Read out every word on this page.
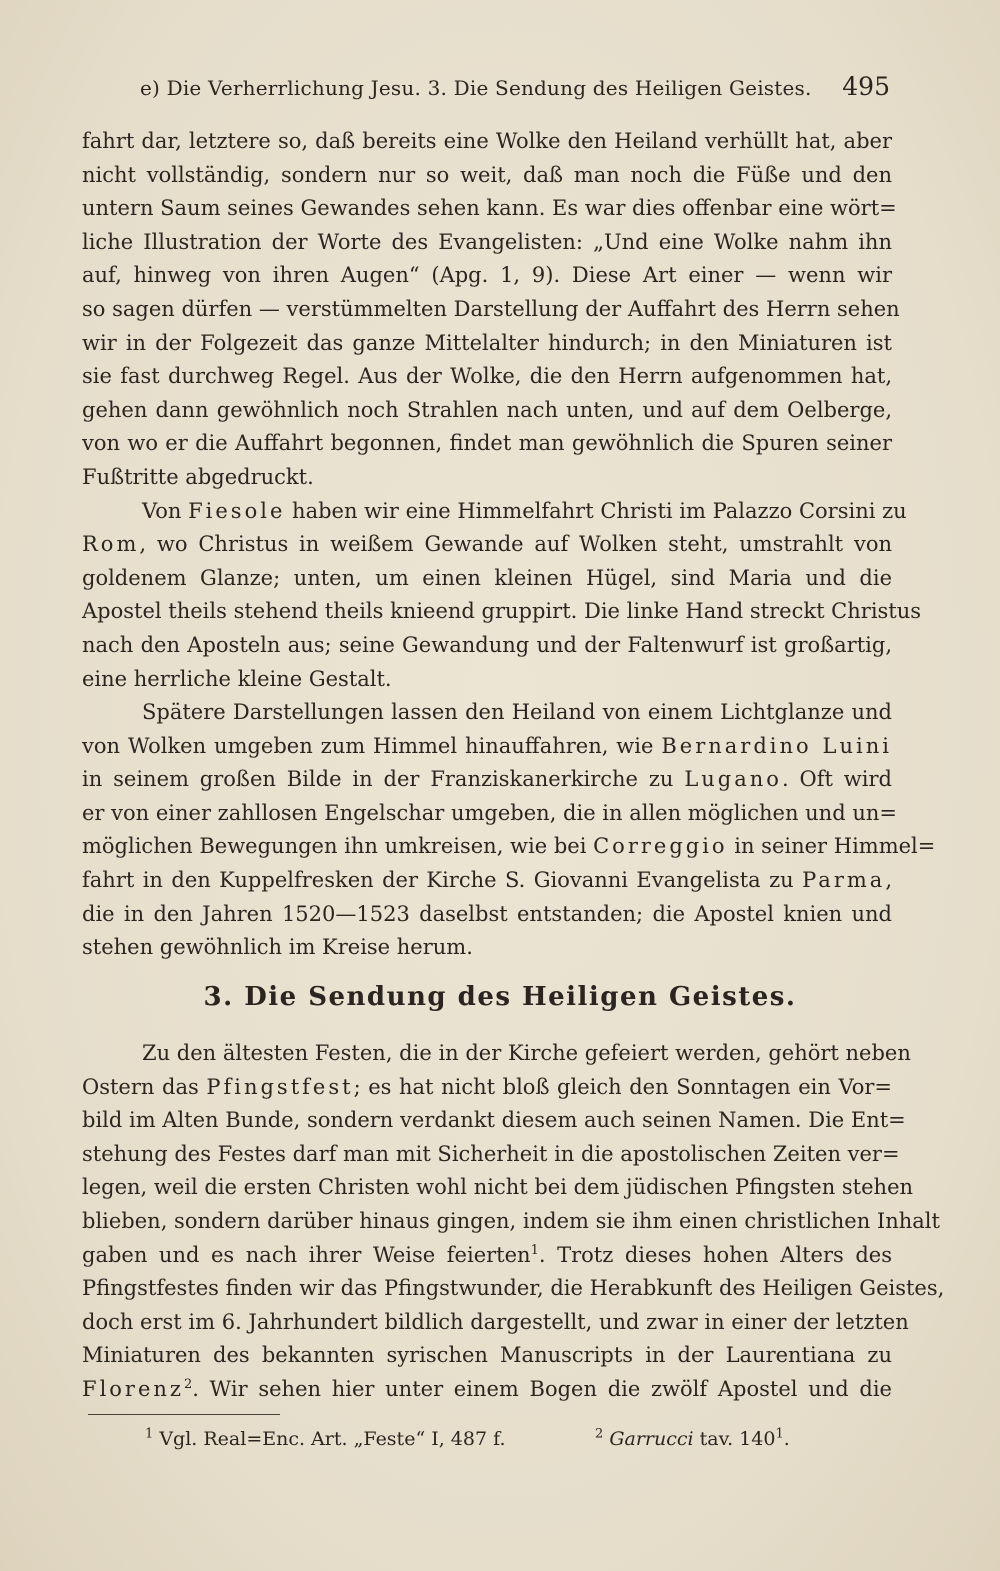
e) Die Verherrlichung Jesu. 3. Die Sendung des Heiligen Geistes. 495
fahrt dar, letztere so, daß bereits eine Wolke den Heiland verhüllt hat, aber
nicht vollständig, sondern nur so weit, daß man noch die Füße und den
untern Saum seines Gewandes sehen kann. Es war dies offenbar eine wört=
liche Illustration der Worte des Evangelisten: „Und eine Wolke nahm ihn
auf, hinweg von ihren Augen“ (Apg. 1, 9). Diese Art einer — wenn wir
so sagen dürfen — verstümmelten Darstellung der Auffahrt des Herrn sehen
wir in der Folgezeit das ganze Mittelalter hindurch; in den Miniaturen ist
sie fast durchweg Regel. Aus der Wolke, die den Herrn aufgenommen hat,
gehen dann gewöhnlich noch Strahlen nach unten, und auf dem Oelberge,
von wo er die Auffahrt begonnen, findet man gewöhnlich die Spuren seiner
Fußtritte abgedruckt.
Von Fiesole haben wir eine Himmelfahrt Christi im Palazzo Corsini zu
Rom, wo Christus in weißem Gewande auf Wolken steht, umstrahlt von
goldenem Glanze; unten, um einen kleinen Hügel, sind Maria und die
Apostel theils stehend theils knieend gruppirt. Die linke Hand streckt Christus
nach den Aposteln aus; seine Gewandung und der Faltenwurf ist großartig,
eine herrliche kleine Gestalt.
Spätere Darstellungen lassen den Heiland von einem Lichtglanze und
von Wolken umgeben zum Himmel hinauffahren, wie Bernardino Luini
in seinem großen Bilde in der Franziskanerkirche zu Lugano. Oft wird
er von einer zahllosen Engelschar umgeben, die in allen möglichen und un=
möglichen Bewegungen ihn umkreisen, wie bei Correggio in seiner Himmel=
fahrt in den Kuppelfresken der Kirche S. Giovanni Evangelista zu Parma,
die in den Jahren 1520—1523 daselbst entstanden; die Apostel knien und
stehen gewöhnlich im Kreise herum.
3. Die Sendung des Heiligen Geistes.
Zu den ältesten Festen, die in der Kirche gefeiert werden, gehört neben
Ostern das Pfingstfest; es hat nicht bloß gleich den Sonntagen ein Vor=
bild im Alten Bunde, sondern verdankt diesem auch seinen Namen. Die Ent=
stehung des Festes darf man mit Sicherheit in die apostolischen Zeiten ver=
legen, weil die ersten Christen wohl nicht bei dem jüdischen Pfingsten stehen
blieben, sondern darüber hinaus gingen, indem sie ihm einen christlichen Inhalt
gaben und es nach ihrer Weise feierten$^1$. Trotz dieses hohen Alters des
Pfingstfestes finden wir das Pfingstwunder, die Herabkunft des Heiligen Geistes,
doch erst im 6. Jahrhundert bildlich dargestellt, und zwar in einer der letzten
Miniaturen des bekannten syrischen Manuscripts in der Laurentiana zu
Florenz$^2$. Wir sehen hier unter einem Bogen die zwölf Apostel und die
$^1$ Vgl. Real=Enc. Art. „Feste“ I, 487 f.	$^2$ Garrucci tav. $140^1$.
